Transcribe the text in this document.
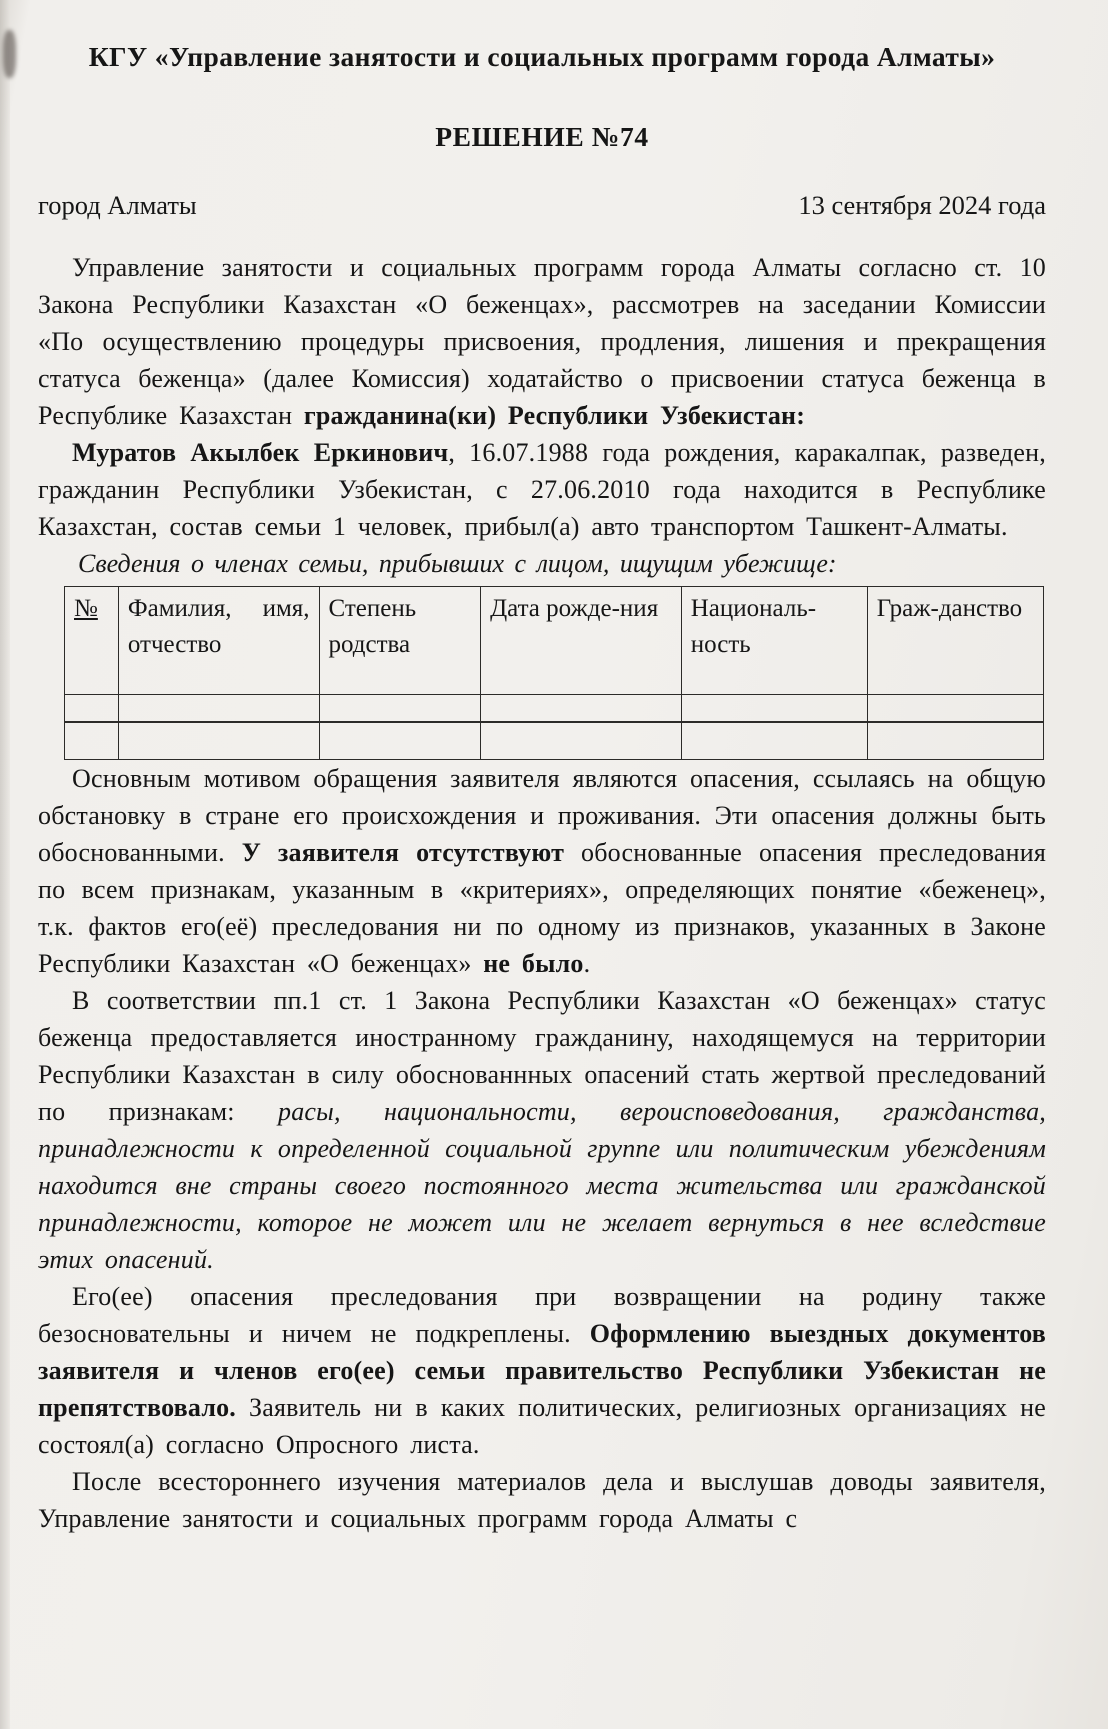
КГУ «Управление занятости и социальных программ города Алматы»
РЕШЕНИЕ №74
город Алматы	13 сентября 2024 года

Управление занятости и социальных программ города Алматы согласно ст. 10 Закона Республики Казахстан «О беженцах», рассмотрев на заседании Комиссии «По осуществлению процедуры присвоения, продления, лишения и прекращения статуса беженца» (далее Комиссия) ходатайство о присвоении статуса беженца в Республике Казахстан гражданина(ки) Республики Узбекистан:

Муратов Акылбек Еркинович, 16.07.1988 года рождения, каракалпак, разведен, гражданин Республики Узбекистан, с 27.06.2010 года находится в Республике Казахстан, состав семьи 1 человек, прибыл(а) авто транспортом Ташкент-Алматы.

Сведения о членах семьи, прибывших с лицом, ищущим убежище:
№	Фамилия, имя, отчество	Степень родства	Дата рожде-ния	Националь-ность	Граж-данство

Основным мотивом обращения заявителя являются опасения, ссылаясь на общую обстановку в стране его происхождения и проживания. Эти опасения должны быть обоснованными. У заявителя отсутствуют обоснованные опасения преследования по всем признакам, указанным в «критериях», определяющих понятие «беженец», т.к. фактов его(её) преследования ни по одному из признаков, указанных в Законе Республики Казахстан «О беженцах» не было.

В соответствии пп.1 ст. 1 Закона Республики Казахстан «О беженцах» статус беженца предоставляется иностранному гражданину, находящемуся на территории Республики Казахстан в силу обоснованнных опасений стать жертвой преследований по признакам: расы, национальности, вероисповедования, гражданства, принадлежности к определенной социальной группе или политическим убеждениям находится вне страны своего постоянного места жительства или гражданской принадлежности, которое не может или не желает вернуться в нее вследствие этих опасений.

Его(ее) опасения преследования при возвращении на родину также безосновательны и ничем не подкреплены. Оформлению выездных документов заявителя и членов его(ее) семьи правительство Республики Узбекистан не препятствовало. Заявитель ни в каких политических, религиозных организациях не состоял(а) согласно Опросного листа.

После всестороннего изучения материалов дела и выслушав доводы заявителя, Управление занятости и социальных программ города Алматы с
